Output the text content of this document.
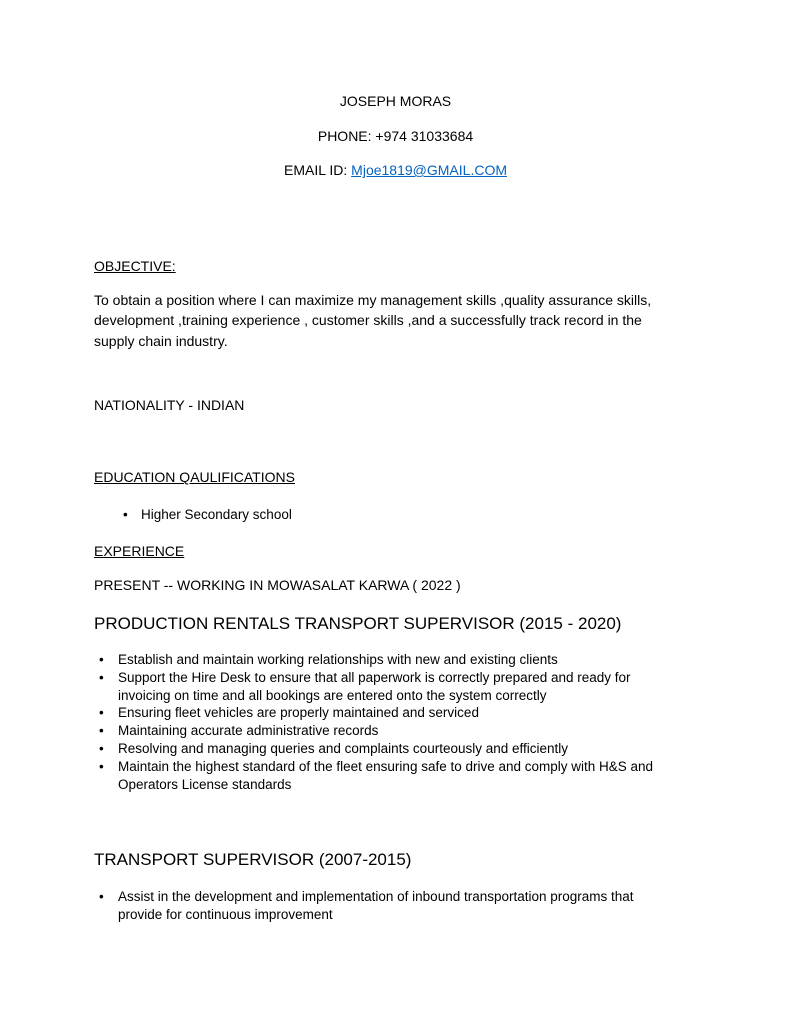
JOSEPH MORAS

PHONE: +974 31033684

EMAIL ID: Mjoe1819@GMAIL.COM

OBJECTIVE:

To obtain a position where I can maximize my management skills ,quality assurance skills, development ,training experience , customer skills ,and a successfully track record in the supply chain industry.

NATIONALITY - INDIAN

EDUCATION QAULIFICATIONS
• Higher Secondary school
EXPERIENCE

PRESENT -- WORKING IN MOWASALAT KARWA ( 2022 )

PRODUCTION RENTALS TRANSPORT SUPERVISOR (2015 - 2020)
• Establish and maintain working relationships with new and existing clients
• Support the Hire Desk to ensure that all paperwork is correctly prepared and ready for invoicing on time and all bookings are entered onto the system correctly
• Ensuring fleet vehicles are properly maintained and serviced
• Maintaining accurate administrative records
• Resolving and managing queries and complaints courteously and efficiently
• Maintain the highest standard of the fleet ensuring safe to drive and comply with H&S and Operators License standards
TRANSPORT SUPERVISOR (2007-2015)
• Assist in the development and implementation of inbound transportation programs that provide for continuous improvement
